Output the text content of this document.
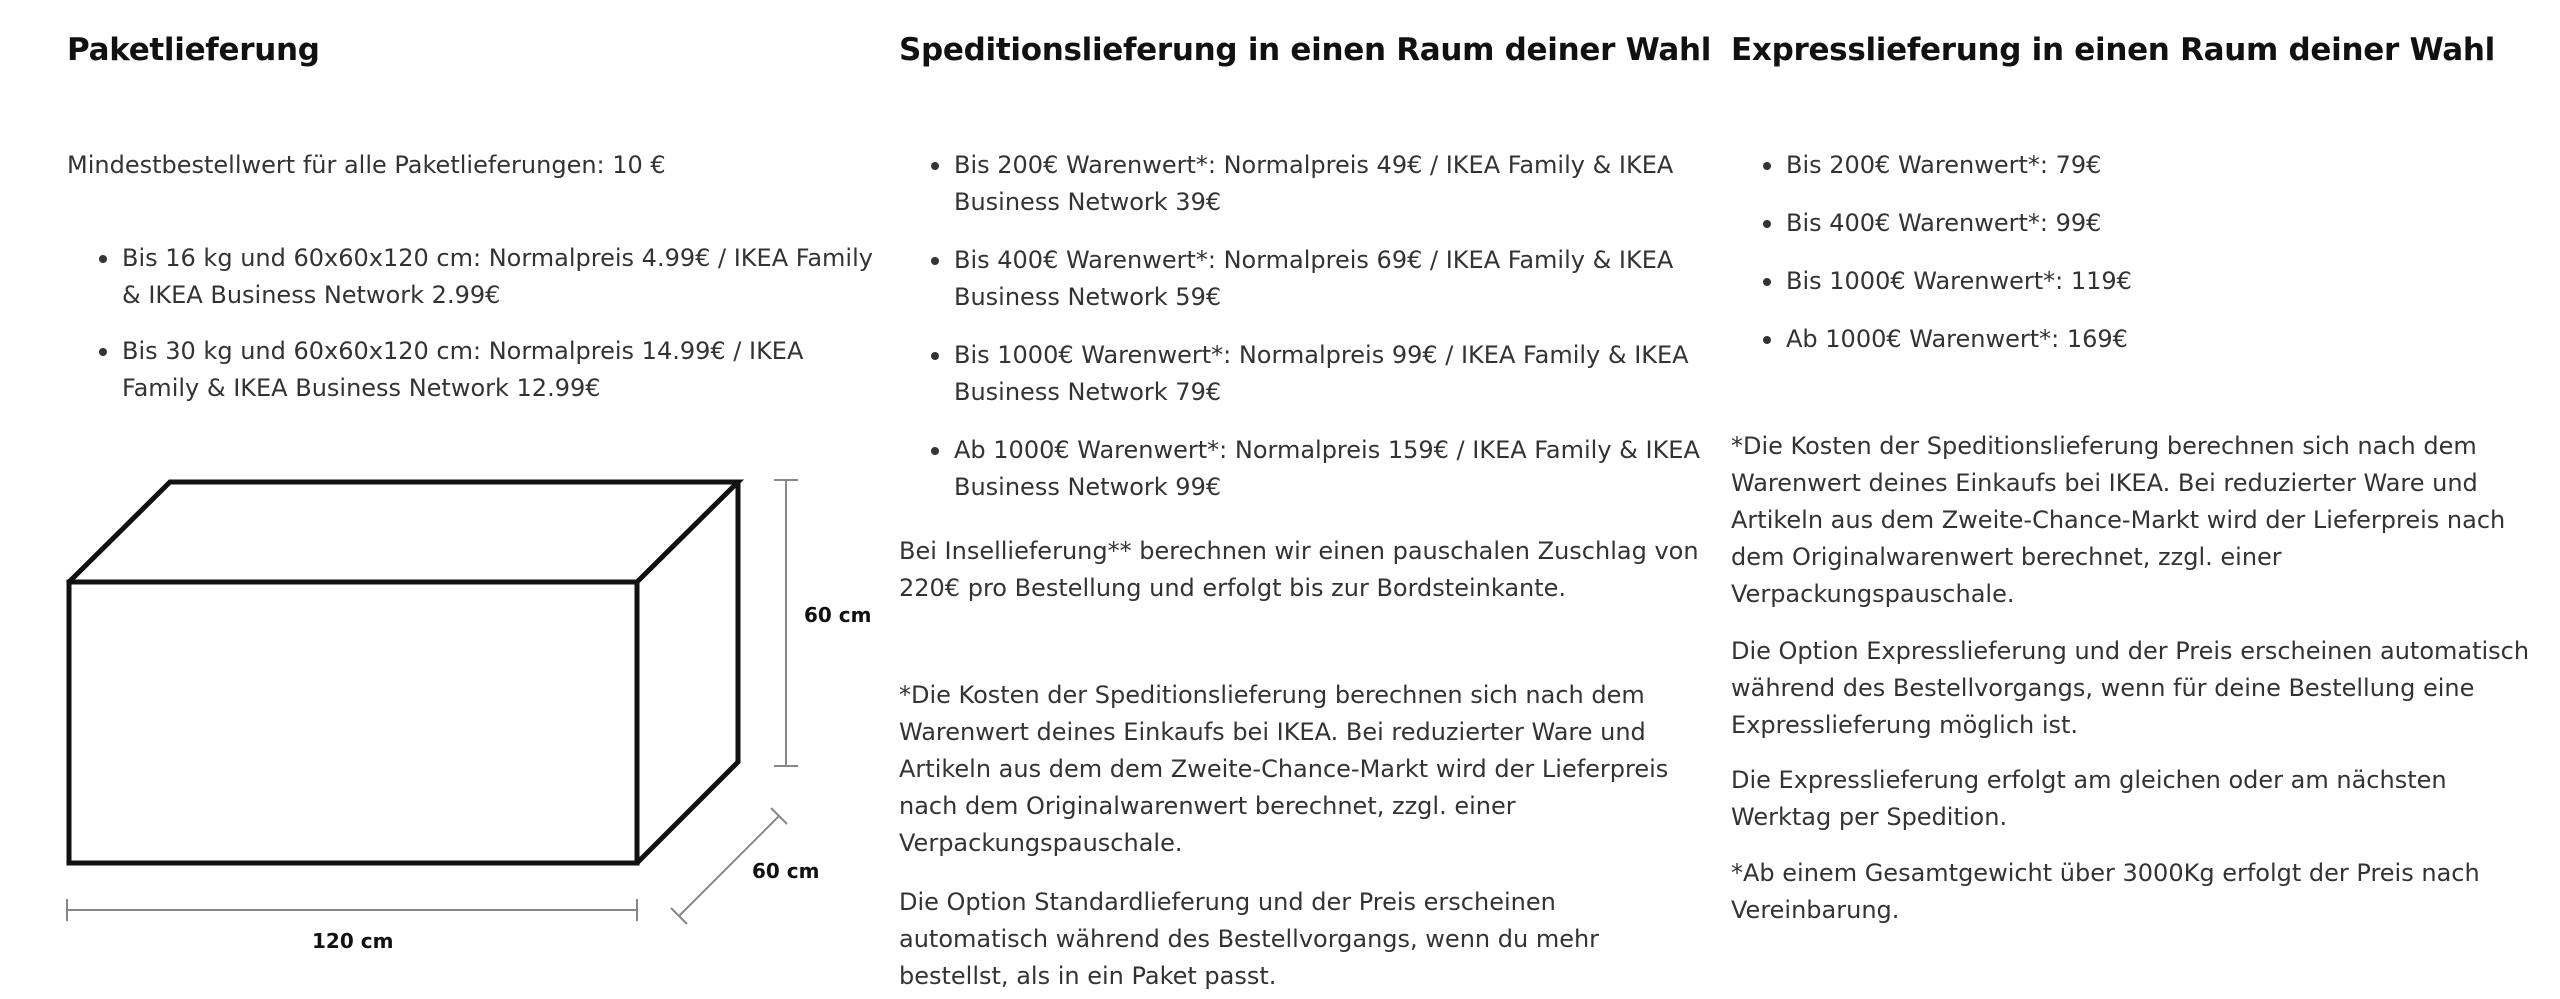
Paketlieferung

Mindestbestellwert für alle Paketlieferungen: 10 €

Bis 16 kg und 60x60x120 cm: Normalpreis 4.99€ / IKEA Family & IKEA Business Network 2.99€
Bis 30 kg und 60x60x120 cm: Normalpreis 14.99€ / IKEA Family & IKEA Business Network 12.99€
60 cm
60 cm
120 cm
Speditionslieferung in einen Raum deiner Wahl
Bis 200€ Warenwert*: Normalpreis 49€ / IKEA Family & IKEA Business Network 39€
Bis 400€ Warenwert*: Normalpreis 69€ / IKEA Family & IKEA Business Network 59€
Bis 1000€ Warenwert*: Normalpreis 99€ / IKEA Family & IKEA Business Network 79€
Ab 1000€ Warenwert*: Normalpreis 159€ / IKEA Family & IKEA Business Network 99€

Bei Insellieferung** berechnen wir einen pauschalen Zuschlag von 220€ pro Bestellung und erfolgt bis zur Bordsteinkante.

*Die Kosten der Speditionslieferung berechnen sich nach dem Warenwert deines Einkaufs bei IKEA. Bei reduzierter Ware und Artikeln aus dem dem Zweite-Chance-Markt wird der Lieferpreis nach dem Originalwarenwert berechnet, zzgl. einer Verpackungspauschale.

Die Option Standardlieferung und der Preis erscheinen automatisch während des Bestellvorgangs, wenn du mehr bestellst, als in ein Paket passt.

Expresslieferung in einen Raum deiner Wahl
Bis 200€ Warenwert*: 79€
Bis 400€ Warenwert*: 99€
Bis 1000€ Warenwert*: 119€
Ab 1000€ Warenwert*: 169€

*Die Kosten der Speditionslieferung berechnen sich nach dem Warenwert deines Einkaufs bei IKEA. Bei reduzierter Ware und Artikeln aus dem Zweite-Chance-Markt wird der Lieferpreis nach dem Originalwarenwert berechnet, zzgl. einer Verpackungspauschale.

Die Option Expresslieferung und der Preis erscheinen automatisch während des Bestellvorgangs, wenn für deine Bestellung eine Expresslieferung möglich ist.

Die Expresslieferung erfolgt am gleichen oder am nächsten Werktag per Spedition.

*Ab einem Gesamtgewicht über 3000Kg erfolgt der Preis nach Vereinbarung.
